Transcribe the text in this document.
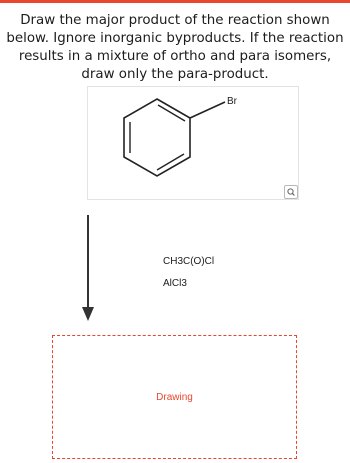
Draw the major product of the reaction shown below. Ignore inorganic byproducts. If the reaction results in a mixture of ortho and para isomers, draw only the para-product.
Br
CH3C(O)Cl
AlCl3
Drawing
